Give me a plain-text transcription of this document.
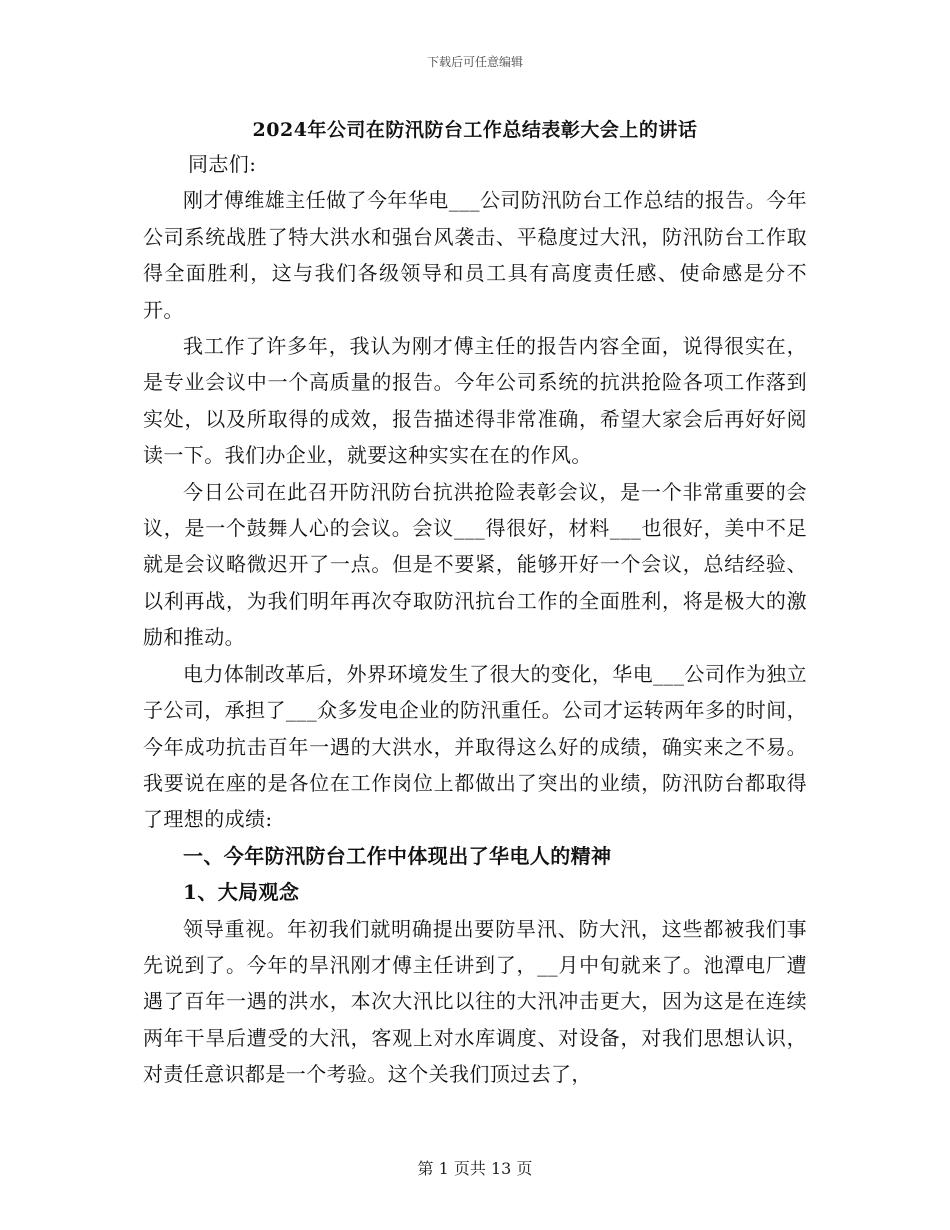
下载后可任意编辑
2024年公司在防汛防台工作总结表彰大会上的讲话

同志们:

刚才傅维雄主任做了今年华电___公司防汛防台工作总结的报告。今年公司系统战胜了特大洪水和强台风袭击、平稳度过大汛，防汛防台工作取得全面胜利，这与我们各级领导和员工具有高度责任感、使命感是分不开。

我工作了许多年，我认为刚才傅主任的报告内容全面，说得很实在，是专业会议中一个高质量的报告。今年公司系统的抗洪抢险各项工作落到实处，以及所取得的成效，报告描述得非常准确，希望大家会后再好好阅读一下。我们办企业，就要这种实实在在的作风。

今日公司在此召开防汛防台抗洪抢险表彰会议，是一个非常重要的会议，是一个鼓舞人心的会议。会议___得很好，材料___也很好，美中不足就是会议略微迟开了一点。但是不要紧，能够开好一个会议，总结经验、以利再战，为我们明年再次夺取防汛抗台工作的全面胜利，将是极大的激励和推动。

电力体制改革后，外界环境发生了很大的变化，华电___公司作为独立子公司，承担了___众多发电企业的防汛重任。公司才运转两年多的时间，今年成功抗击百年一遇的大洪水，并取得这么好的成绩，确实来之不易。我要说在座的是各位在工作岗位上都做出了突出的业绩，防汛防台都取得了理想的成绩:

一、今年防汛防台工作中体现出了华电人的精神

1、大局观念

领导重视。年初我们就明确提出要防旱汛、防大汛，这些都被我们事先说到了。今年的旱汛刚才傅主任讲到了，__月中旬就来了。池潭电厂遭遇了百年一遇的洪水，本次大汛比以往的大汛冲击更大，因为这是在连续两年干旱后遭受的大汛，客观上对水库调度、对设备，对我们思想认识，对责任意识都是一个考验。这个关我们顶过去了，

第 1 页共 13 页
